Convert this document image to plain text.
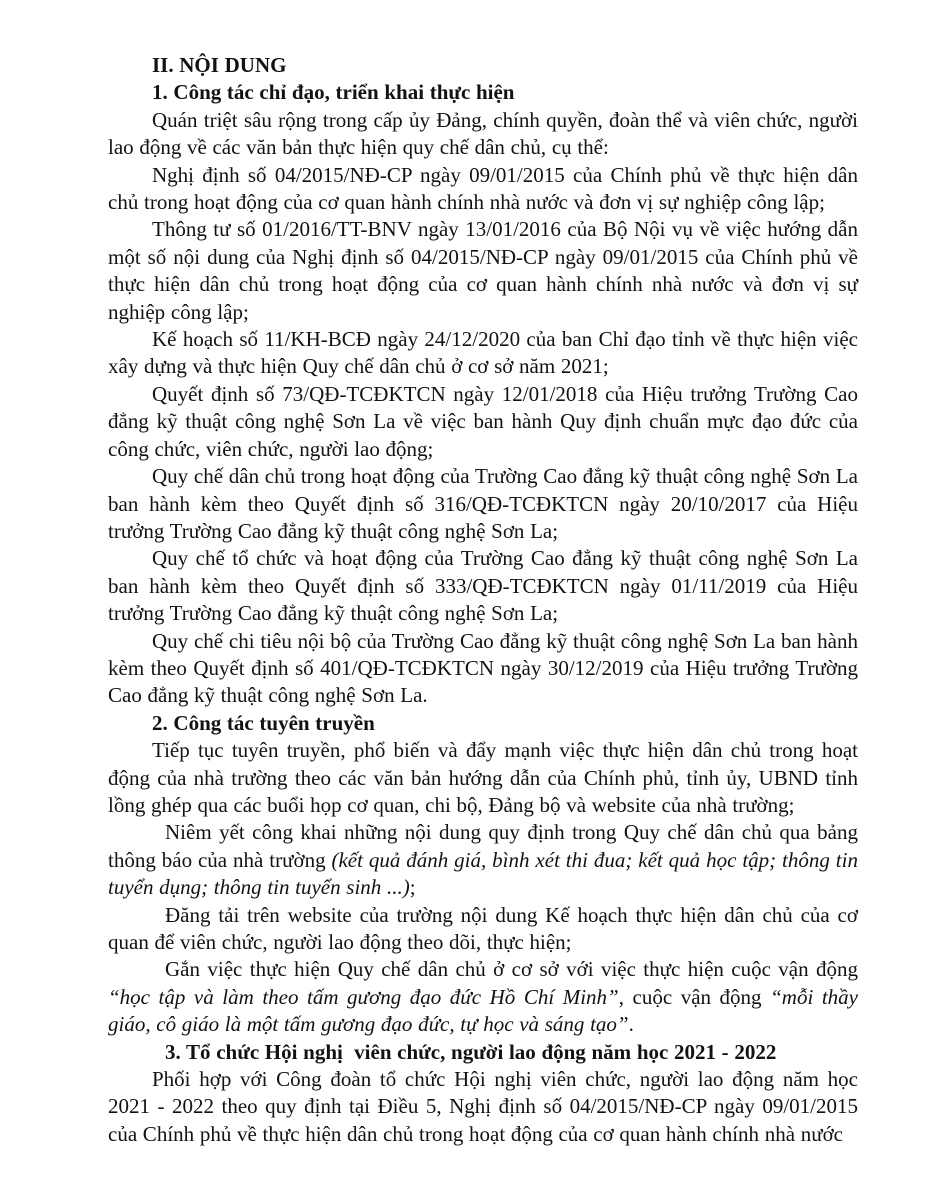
II. NỘI DUNG

1. Công tác chỉ đạo, triển khai thực hiện

Quán triệt sâu rộng trong cấp ủy Đảng, chính quyền, đoàn thể và viên chức, người lao động về các văn bản thực hiện quy chế dân chủ, cụ thể:

Nghị định số 04/2015/NĐ-CP ngày 09/01/2015 của Chính phủ về thực hiện dân chủ trong hoạt động của cơ quan hành chính nhà nước và đơn vị sự nghiệp công lập;

Thông tư số 01/2016/TT-BNV ngày 13/01/2016 của Bộ Nội vụ về việc hướng dẫn một số nội dung của Nghị định số 04/2015/NĐ-CP ngày 09/01/2015 của Chính phủ về thực hiện dân chủ trong hoạt động của cơ quan hành chính nhà nước và đơn vị sự nghiệp công lập;

Kế hoạch số 11/KH-BCĐ ngày 24/12/2020 của ban Chỉ đạo tỉnh về thực hiện việc xây dựng và thực hiện Quy chế dân chủ ở cơ sở năm 2021;

Quyết định số 73/QĐ-TCĐKTCN ngày 12/01/2018 của Hiệu trưởng Trường Cao đẳng kỹ thuật công nghệ Sơn La về việc ban hành Quy định chuẩn mực đạo đức của công chức, viên chức, người lao động;

Quy chế dân chủ trong hoạt động của Trường Cao đẳng kỹ thuật công nghệ Sơn La ban hành kèm theo Quyết định số 316/QĐ-TCĐKTCN ngày 20/10/2017 của Hiệu trưởng Trường Cao đẳng kỹ thuật công nghệ Sơn La;

Quy chế tổ chức và hoạt động của Trường Cao đẳng kỹ thuật công nghệ Sơn La ban hành kèm theo Quyết định số 333/QĐ-TCĐKTCN ngày 01/11/2019 của Hiệu trưởng Trường Cao đẳng kỹ thuật công nghệ Sơn La;

Quy chế chi tiêu nội bộ của Trường Cao đẳng kỹ thuật công nghệ Sơn La ban hành kèm theo Quyết định số 401/QĐ-TCĐKTCN ngày 30/12/2019 của Hiệu trưởng Trường Cao đẳng kỹ thuật công nghệ Sơn La.

2. Công tác tuyên truyền

Tiếp tục tuyên truyền, phổ biến và đẩy mạnh việc thực hiện dân chủ trong hoạt động của nhà trường theo các văn bản hướng dẫn của Chính phủ, tỉnh ủy, UBND tỉnh lồng ghép qua các buổi họp cơ quan, chi bộ, Đảng bộ và website của nhà trường;

Niêm yết công khai những nội dung quy định trong Quy chế dân chủ qua bảng thông báo của nhà trường (kết quả đánh giá, bình xét thi đua; kết quả học tập; thông tin tuyển dụng; thông tin tuyển sinh ...);

Đăng tải trên website của trường nội dung Kế hoạch thực hiện dân chủ của cơ quan để viên chức, người lao động theo dõi, thực hiện;

Gắn việc thực hiện Quy chế dân chủ ở cơ sở với việc thực hiện cuộc vận động “học tập và làm theo tấm gương đạo đức Hồ Chí Minh”, cuộc vận động “mỗi thầy giáo, cô giáo là một tấm gương đạo đức, tự học và sáng tạo”.

3. Tổ chức Hội nghị  viên chức, người lao động năm học 2021 - 2022

Phối hợp với Công đoàn tổ chức Hội nghị viên chức, người lao động năm học 2021 - 2022 theo quy định tại Điều 5, Nghị định số 04/2015/NĐ-CP ngày 09/01/2015 của Chính phủ về thực hiện dân chủ trong hoạt động của cơ quan hành chính nhà nước
